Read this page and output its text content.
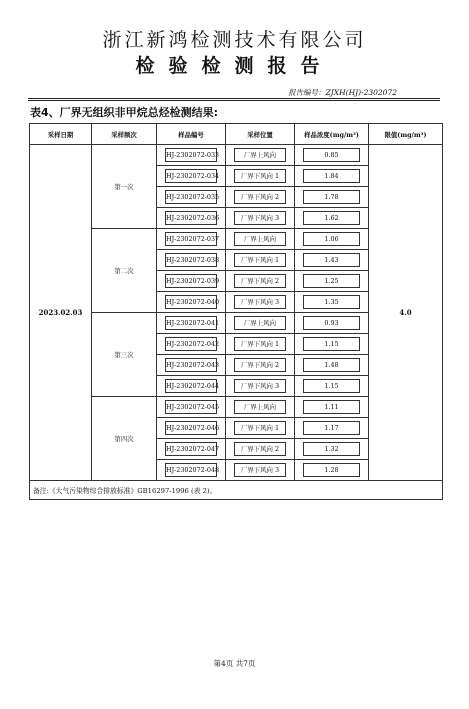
浙江新鸿检测技术有限公司
检验检测报告
报告编号：ZJXH(HJ)-2302072
表4、厂界无组织非甲烷总烃检测结果:
采样日期	采样频次	样品编号	采样位置	样品浓度(mg/m³)	限值(mg/m³)
2023.02.03	第一次	HJ-2302072-033	厂界上风向	0.85	4.0

		HJ-2302072-034	厂界下风向 1	1.84	

		HJ-2302072-035	厂界下风向 2	1.78	

		HJ-2302072-036	厂界下风向 3	1.62	

	第二次	HJ-2302072-037	厂界上风向	1.06	

		HJ-2302072-038	厂界下风向 1	1.43	

		HJ-2302072-039	厂界下风向 2	1.25	

		HJ-2302072-040	厂界下风向 3	1.35	

	第三次	HJ-2302072-041	厂界上风向	0.93	

		HJ-2302072-042	厂界下风向 1	1.15	

		HJ-2302072-043	厂界下风向 2	1.48	

		HJ-2302072-044	厂界下风向 3	1.15	

	第四次	HJ-2302072-045	厂界上风向	1.11	

		HJ-2302072-046	厂界下风向 1	1.17	

		HJ-2302072-047	厂界下风向 2	1.32	

		HJ-2302072-048	厂界下风向 3	1.28	

备注:《大气污染物综合排放标准》GB16297-1996 (表 2)。					
第4页 共7页
